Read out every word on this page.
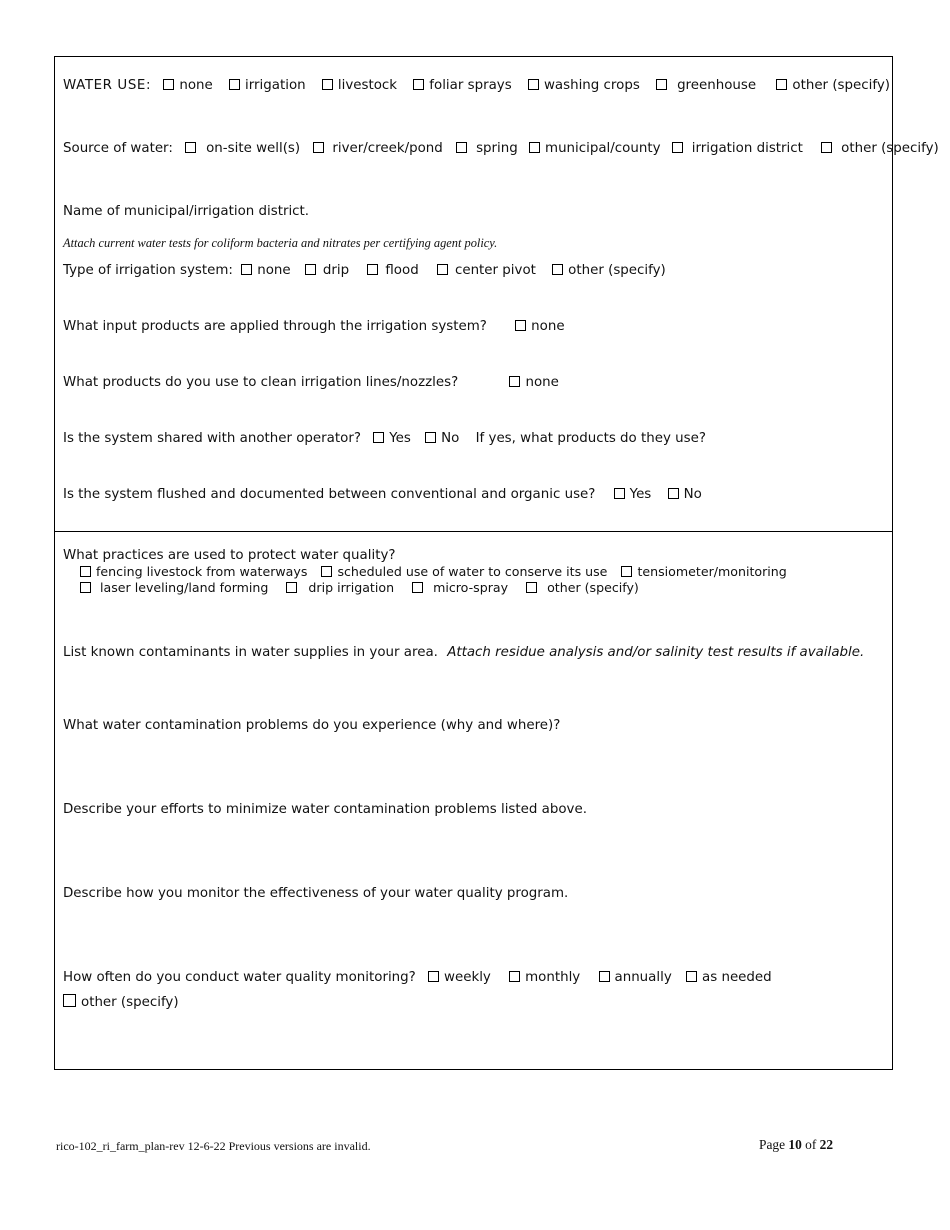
WATER USE: none irrigation livestock foliar sprays washing crops	greenhouse	other (specify)
Source of water: on-site well(s) river/creek/pond spring municipal/county irrigation district	other (specify)
Name of municipal/irrigation district.
Attach current water tests for coliform bacteria and nitrates per certifying agent policy.
Type of irrigation system: none drip	flood	center pivot other (specify)
What input products are applied through the irrigation system?	none
What products do you use to clean irrigation lines/nozzles?	none
Is the system shared with another operator? Yes No If yes, what products do they use?
Is the system flushed and documented between conventional and organic use?	Yes No
What practices are used to protect water quality?
fencing livestock from waterways scheduled use of water to conserve its use tensiometer/monitoring
laser leveling/land forming	drip irrigation	micro-spray	other (specify)
List known contaminants in water supplies in your area. Attach residue analysis and/or salinity test results if available.
What water contamination problems do you experience (why and where)?
Describe your efforts to minimize water contamination problems listed above.
Describe how you monitor the effectiveness of your water quality program.
How often do you conduct water quality monitoring? weekly	monthly	annually as needed
other (specify)
rico-102_ri_farm_plan-rev 12-6-22 Previous versions are invalid.	Page 10 of 22
